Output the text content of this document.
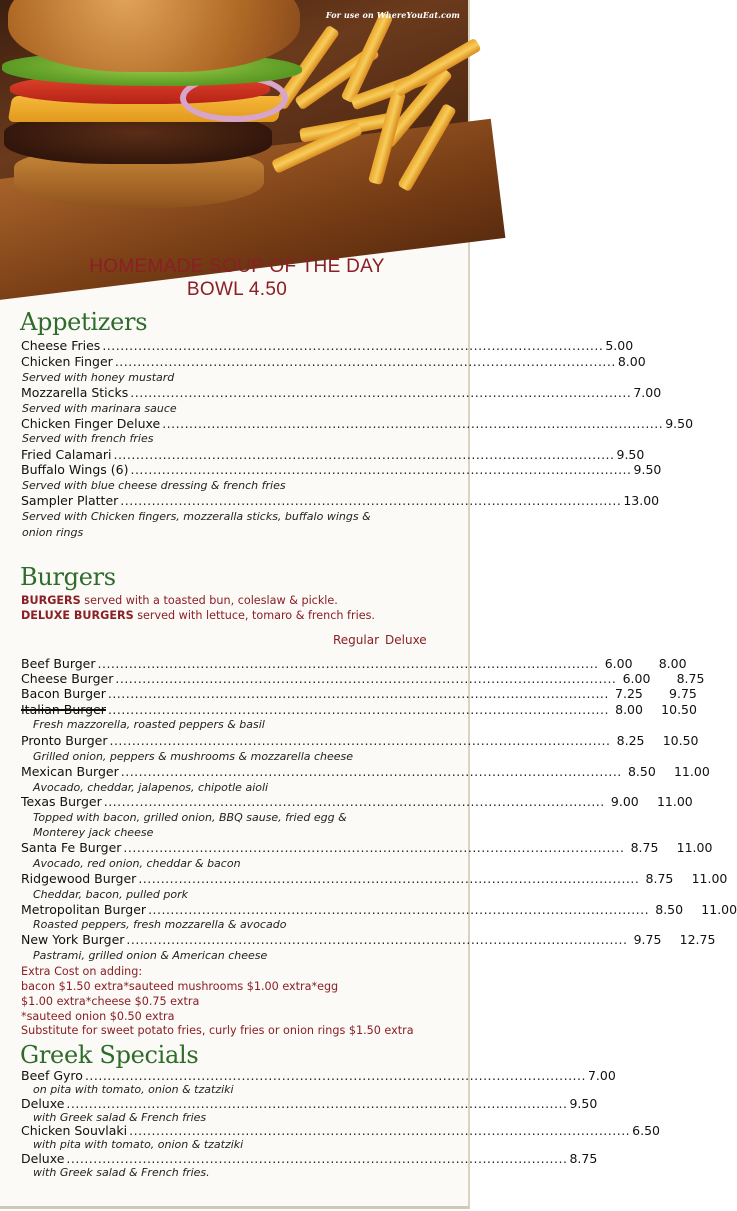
For use on WhereYouEat.com
HOMEMADE SOUP OF THE DAY
BOWL 4.50
Appetizers
Cheese Fries ................................................................................................................ 5.00
Chicken Finger ................................................................................................................ 8.00
Served with honey mustard
Mozzarella Sticks ................................................................................................................ 7.00
Served with marinara sauce
Chicken Finger Deluxe ................................................................................................................ 9.50
Served with french fries
Fried Calamari ................................................................................................................ 9.50
Buffalo Wings (6) ................................................................................................................ 9.50
Served with blue cheese dressing & french fries
Sampler Platter ................................................................................................................ 13.00
Served with Chicken fingers, mozzeralla sticks, buffalo wings &
onion rings
Burgers
BURGERS served with a toasted bun, coleslaw & pickle.
DELUXE BURGERS served with lettuce, tomaro & french fries.
Regular Deluxe
Beef Burger ................................................................................................................ 6.00	8.00
Cheese Burger ................................................................................................................ 6.00	8.75
Bacon Burger ................................................................................................................ 7.25	9.75
Italian Burger ................................................................................................................ 8.00	10.50
Fresh mazzorella, roasted peppers & basil
Pronto Burger ................................................................................................................ 8.25	10.50
Grilled onion, peppers & mushrooms & mozzarella cheese
Mexican Burger ................................................................................................................ 8.50	11.00
Avocado, cheddar, jalapenos, chipotle aioli
Texas Burger ................................................................................................................ 9.00	11.00
Topped with bacon, grilled onion, BBQ sause, fried egg &
Monterey jack cheese
Santa Fe Burger ................................................................................................................ 8.75	11.00
Avocado, red onion, cheddar & bacon
Ridgewood Burger ................................................................................................................ 8.75	11.00
Cheddar, bacon, pulled pork
Metropolitan Burger ................................................................................................................ 8.50	11.00
Roasted peppers, fresh mozzarella & avocado
New York Burger ................................................................................................................ 9.75	12.75
Pastrami, grilled onion & American cheese
Extra Cost on adding:
bacon $1.50 extra*sauteed mushrooms $1.00 extra*egg
$1.00 extra*cheese $0.75 extra
*sauteed onion $0.50 extra
Substitute for sweet potato fries, curly fries or onion rings $1.50 extra
Greek Specials
Beef Gyro ................................................................................................................ 7.00
on pita with tomato, onion & tzatziki
Deluxe ................................................................................................................ 9.50
with Greek salad & French fries
Chicken Souvlaki ................................................................................................................ 6.50
with pita with tomato, onion & tzatziki
Deluxe ................................................................................................................ 8.75
with Greek salad & French fries.
